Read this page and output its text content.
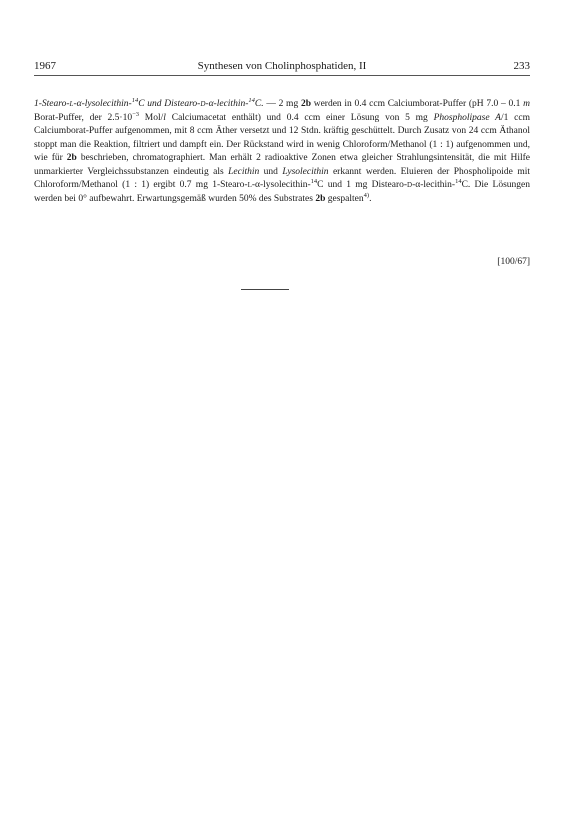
1967	Synthesen von Cholinphosphatiden, II	233

1-Stearo-l-α-lysolecithin-$^{14}$C und Distearo-d-α-lecithin-$^{14}$C. — 2 mg 2b werden in 0.4 ccm Calciumborat-Puffer (pH 7.0 – 0.1 m Borat-Puffer, der $2.5\cdot 10^{-3}$ Mol/l Calciumacetat enthält) und 0.4 ccm einer Lösung von 5 mg Phospholipase A/1 ccm Calciumborat-Puffer aufgenommen, mit 8 ccm Äther versetzt und 12 Stdn. kräftig geschüttelt. Durch Zusatz von 24 ccm Äthanol stoppt man die Reaktion, filtriert und dampft ein. Der Rückstand wird in wenig Chloroform/Methanol (1 : 1) aufgenommen und, wie für 2b beschrieben, chromatographiert. Man erhält 2 radioaktive Zonen etwa gleicher Strahlungsintensität, die mit Hilfe unmarkierter Vergleichssubstanzen eindeutig als Lecithin und Lysolecithin erkannt werden. Eluieren der Phospholipoide mit Chloroform/Methanol (1 : 1) ergibt 0.7 mg 1-Stearo-l-α-lysolecithin-$^{14}$C und 1 mg Distearo-d-α-lecithin-$^{14}$C. Die Lösungen werden bei 0° aufbewahrt. Erwartungsgemäß wurden 50% des Substrates 2b gespalten$^{4)}$.

[100/67]
